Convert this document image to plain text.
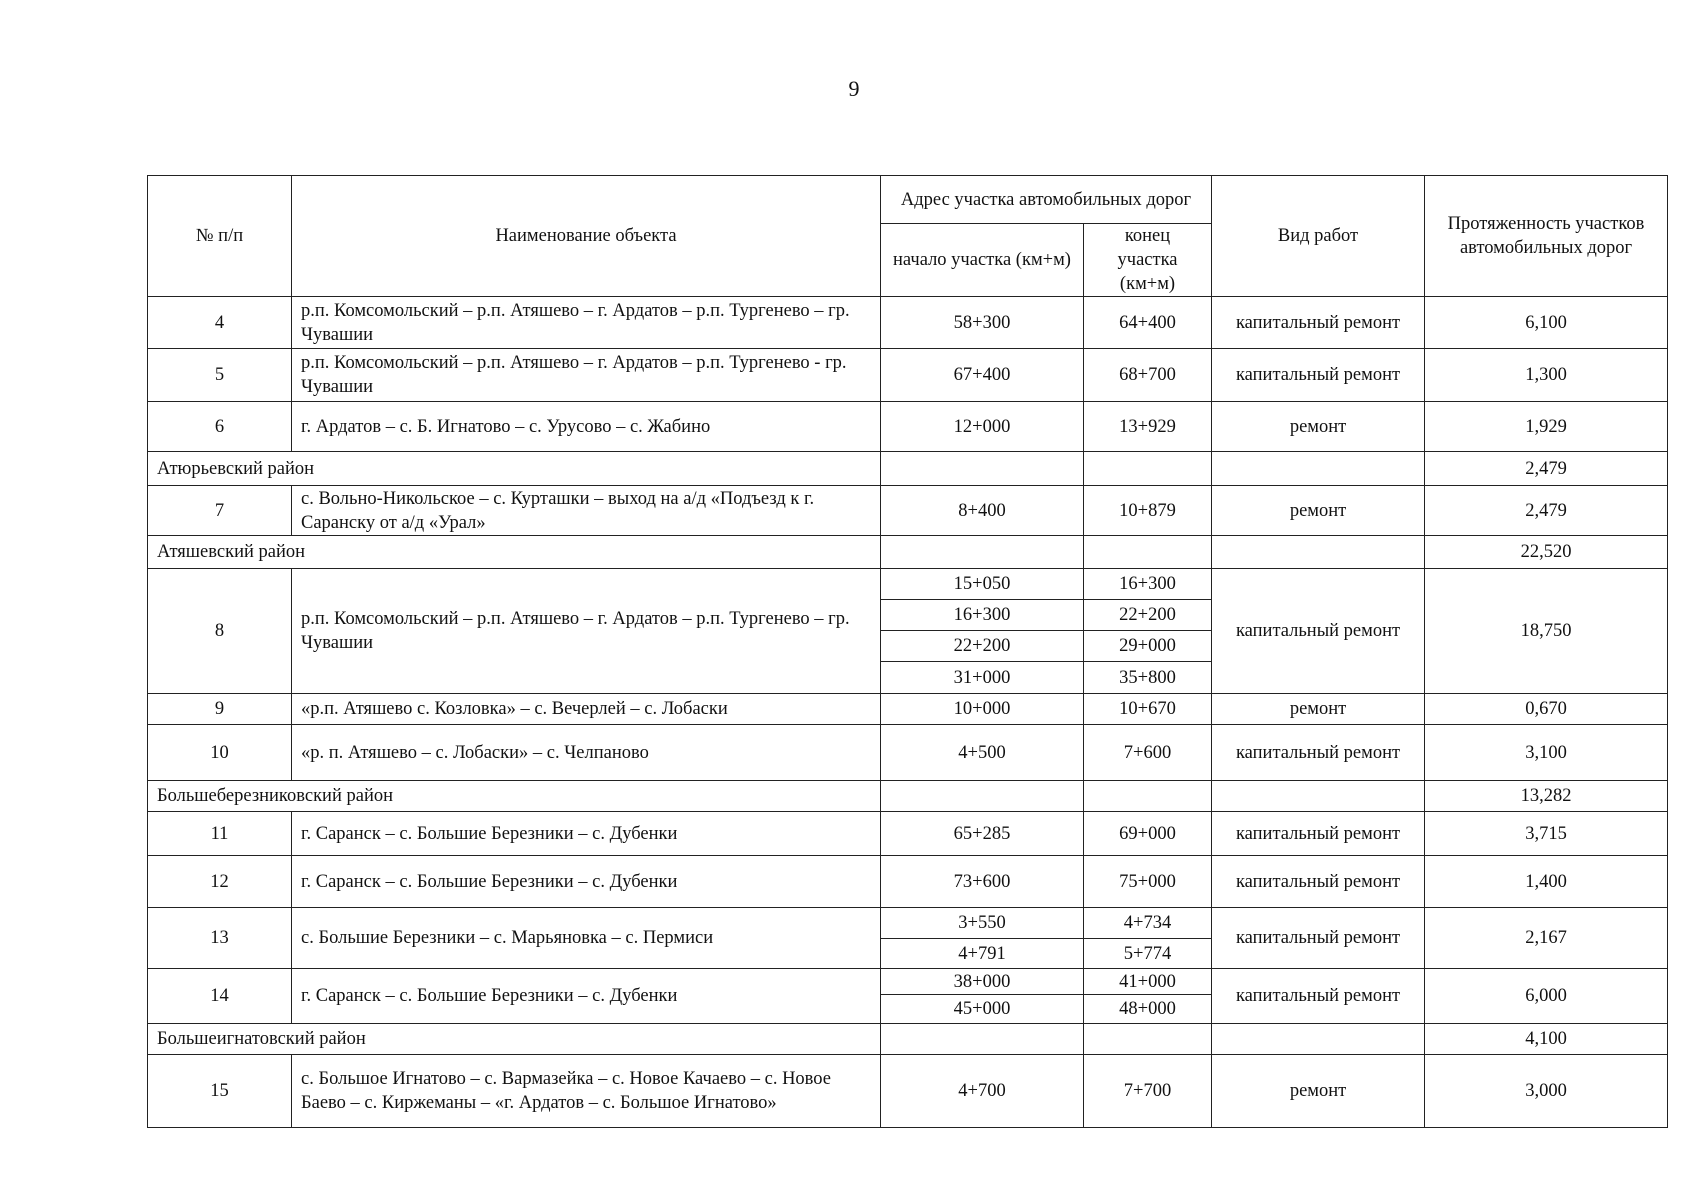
9
№ п/п	Наименование объекта	Адрес участка автомобильных дорог		Вид работ	Протяженность участков автомобильных дорог
		начало участка (км+м)	конец участка (км+м)		
4	р.п. Комсомольский – р.п. Атяшево – г. Ардатов – р.п. Тургенево – гр. Чувашии	58+300	64+400	капитальный ремонт	6,100
5	р.п. Комсомольский – р.п. Атяшево – г. Ардатов – р.п. Тургенево - гр. Чувашии	67+400	68+700	капитальный ремонт	1,300
6	г. Ардатов – с. Б. Игнатово – с. Урусово – с. Жабино	12+000	13+929	ремонт	1,929
Атюрьевский район					2,479
7	с. Вольно-Никольское – с. Курташки – выход на а/д «Подъезд к г. Саранску от а/д «Урал»	8+400	10+879	ремонт	2,479
Атяшевский район					22,520
8	р.п. Комсомольский – р.п. Атяшево – г. Ардатов – р.п. Тургенево – гр. Чувашии	15+050	16+300	капитальный ремонт	18,750
		16+300	22+200		
		22+200	29+000		
		31+000	35+800		
9	«р.п. Атяшево с. Козловка» – с. Вечерлей – с. Лобаски	10+000	10+670	ремонт	0,670
10	«р. п. Атяшево – с. Лобаски» – с. Челпаново	4+500	7+600	капитальный ремонт	3,100
Большеберезниковский район					13,282
11	г. Саранск – с. Большие Березники – с. Дубенки	65+285	69+000	капитальный ремонт	3,715
12	г. Саранск – с. Большие Березники – с. Дубенки	73+600	75+000	капитальный ремонт	1,400
13	с. Большие Березники – с. Марьяновка – с. Пермиси	3+550	4+734	капитальный ремонт	2,167
		4+791	5+774		
14	г. Саранск – с. Большие Березники – с. Дубенки	38+000	41+000	капитальный ремонт	6,000
		45+000	48+000		
Большеигнатовский район					4,100
15	с. Большое Игнатово – с. Вармазейка – с. Новое Качаево – с. Новое Баево – с. Киржеманы – «г. Ардатов – с. Большое Игнатово»	4+700	7+700	ремонт	3,000
